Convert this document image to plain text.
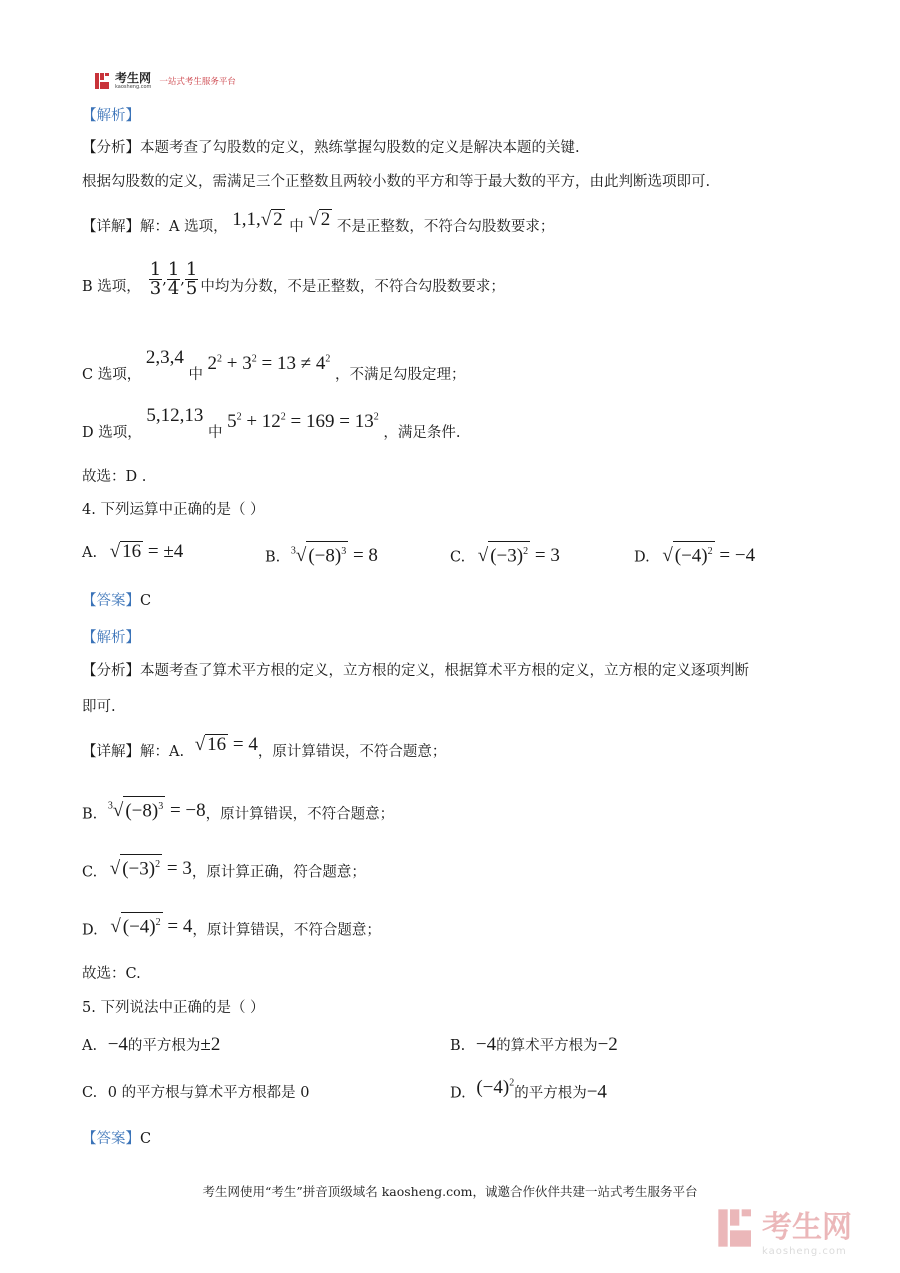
考生网
kaosheng.com 一站式考生服务平台
【解析】
【分析】本题考查了勾股数的定义，熟练掌握勾股数的定义是解决本题的关键.
根据勾股数的定义，需满足三个正整数且两较小数的平方和等于最大数的平方，由此判断选项即可.
【详解】解：A 选项， 1,1,√ 2 中 √ 2 不是正整数，不符合勾股数要求；
B 选项， $\frac{1}{3}$ , $\frac{1}{4}$ , $\frac{1}{5}$ 中均为分数，不是正整数，不符合勾股数要求；
C 选项， 2,3,4 中 $2^2 + 3^2 = 13 \ne 4^2$ ，不满足勾股定理；
D 选项， 5,12,13 中 $5^2 + 12^2 = 169 = 13^2$ ，满足条件.
故选：D .
4. 下列运算中正确的是（ ）
A. √ 16 = ±4	B. $^3$√ $(-8)^3 = 8$	C. √ $(-3)^2 = 3$	D. √ $(-4)^2 = -4$
【答案】C
【解析】
【分析】本题考查了算术平方根的定义，立方根的定义，根据算术平方根的定义，立方根的定义逐项判断
即可.
【详解】解：A. √ 16 = 4，原计算错误，不符合题意；
B. $^3$√ $(-8)^3 = -8$，原计算错误，不符合题意；
C. √ $(-3)^2 = 3$，原计算正确，符合题意；
D. √ $(-4)^2 = 4$，原计算错误，不符合题意；
故选：C.
5. 下列说法中正确的是（ ）
A. −4的平方根为±2	B. −4的算术平方根为−2
C. 0 的平方根与算术平方根都是 0	D. $(-4)^2$的平方根为−4
【答案】C
考生网使用“考生”拼音顶级域名 kaosheng.com，诚邀合作伙伴共建一站式考生服务平台
考生网
kaosheng.com
